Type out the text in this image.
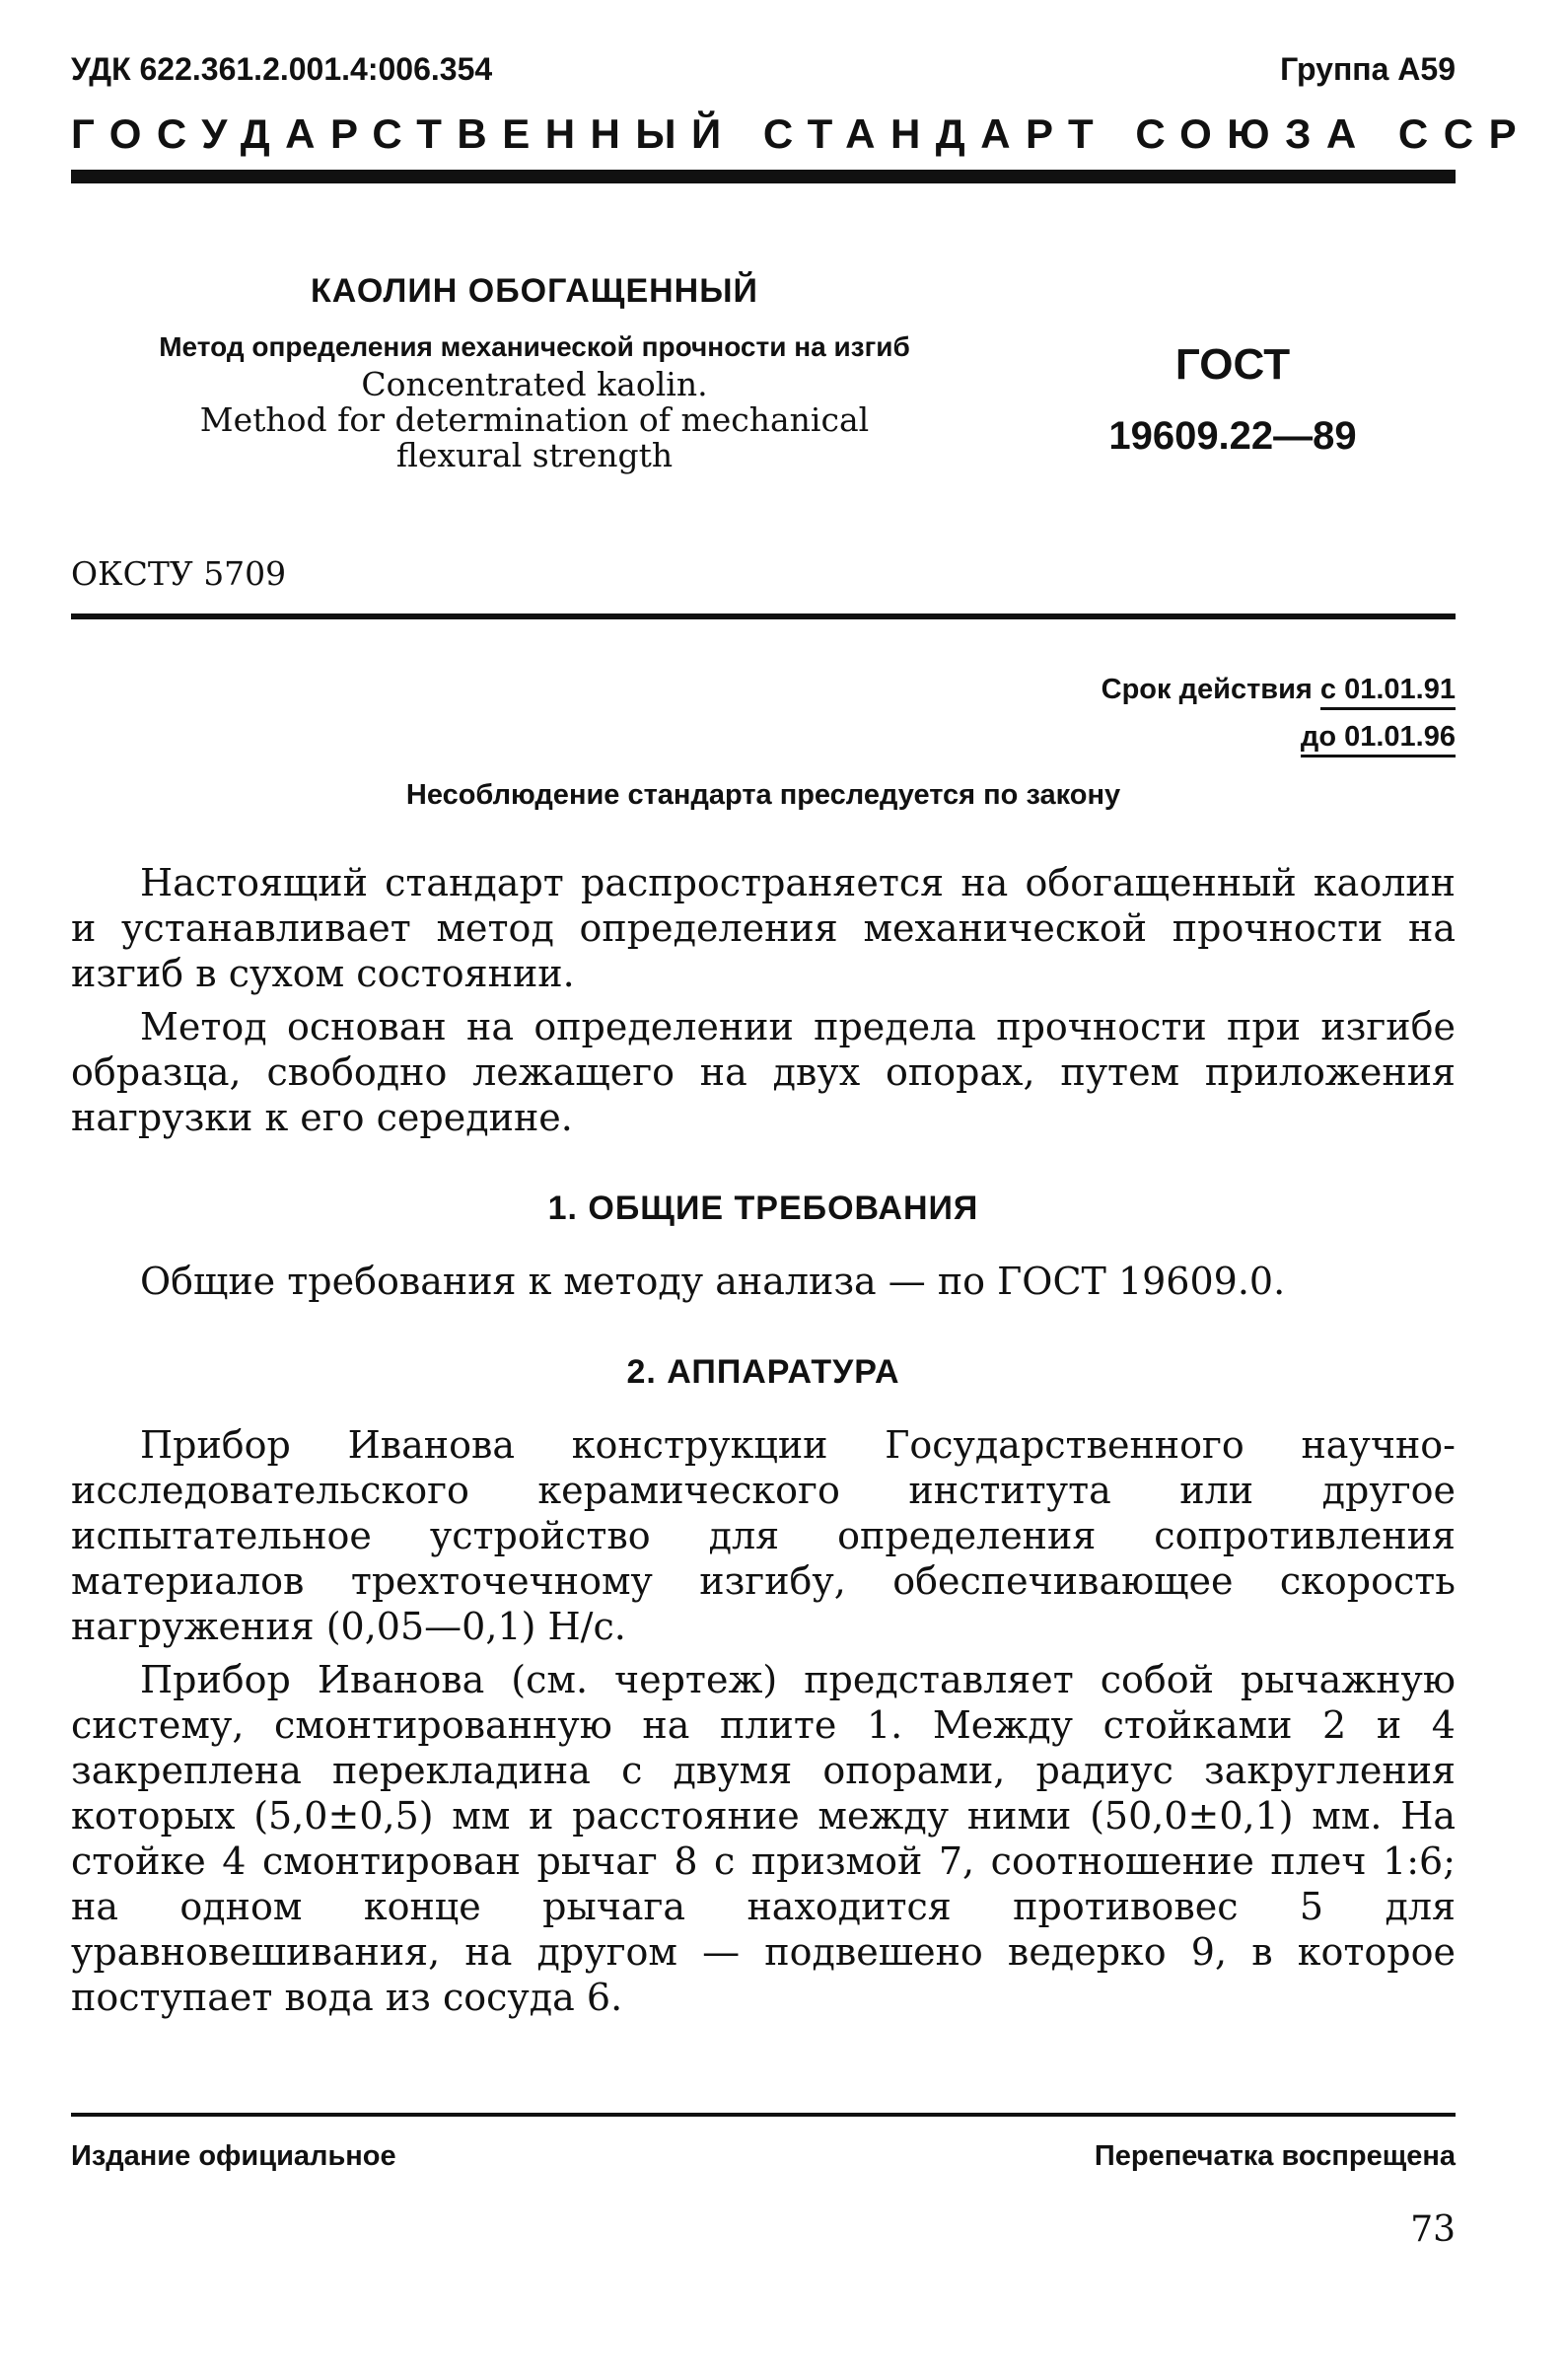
УДК 622.361.2.001.4:006.354	Группа А59
ГОСУДАРСТВЕННЫЙ СТАНДАРТ СОЮЗА ССР
КАОЛИН ОБОГАЩЕННЫЙ
Метод определения механической прочности на изгиб
Concentrated kaolin.
Method for determination of mechanical
flexural strength
ГОСТ
19609.22—89
ОКСТУ 5709
Срок действия с 01.01.91
до 01.01.96
Несоблюдение стандарта преследуется по закону

Настоящий стандарт распространяется на обогащенный каолин и устанавливает метод определения механической прочности на изгиб в сухом состоянии.

Метод основан на определении предела прочности при изгибе образца, свободно лежащего на двух опорах, путем приложения нагрузки к его середине.

1. ОБЩИЕ ТРЕБОВАНИЯ

Общие требования к методу анализа — по ГОСТ 19609.0.

2. АППАРАТУРА

Прибор Иванова конструкции Государственного научно-исследовательского керамического института или другое испытательное устройство для определения сопротивления материалов трехточечному изгибу, обеспечивающее скорость нагружения (0,05—0,1) Н/с.

Прибор Иванова (см. чертеж) представляет собой рычажную систему, смонтированную на плите 1. Между стойками 2 и 4 закреплена перекладина с двумя опорами, радиус закругления которых (5,0±0,5) мм и расстояние между ними (50,0±0,1) мм. На стойке 4 смонтирован рычаг 8 с призмой 7, соотношение плеч 1:6; на одном конце рычага находится противовес 5 для уравновешивания, на другом — подвешено ведерко 9, в которое поступает вода из сосуда 6.

Издание официальное	Перепечатка воспрещена
73
